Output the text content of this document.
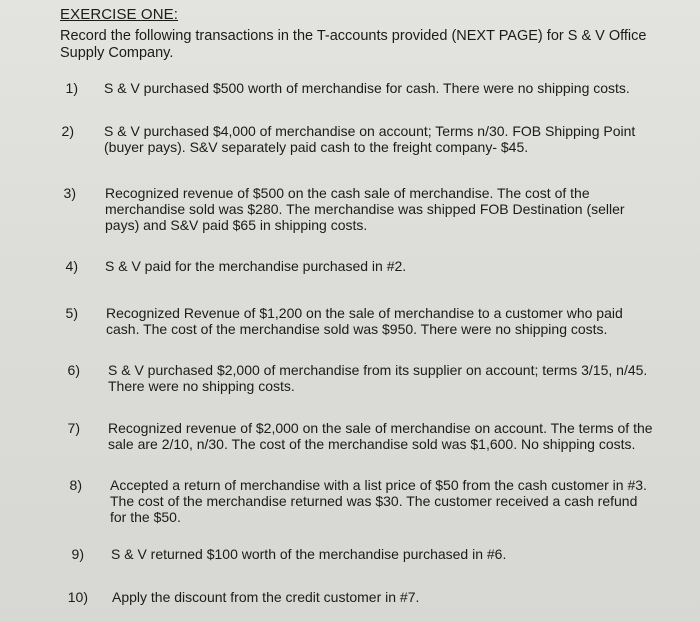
EXERCISE ONE:
Record the following transactions in the T-accounts provided (NEXT PAGE) for S & V Office Supply Company.
1) S & V purchased $500 worth of merchandise for cash. There were no shipping costs.
2) S & V purchased $4,000 of merchandise on account; Terms n/30. FOB Shipping Point (buyer pays). S&V separately paid cash to the freight company- $45.
3) Recognized revenue of $500 on the cash sale of merchandise. The cost of the merchandise sold was $280. The merchandise was shipped FOB Destination (seller pays) and S&V paid $65 in shipping costs.
4) S & V paid for the merchandise purchased in #2.
5) Recognized Revenue of $1,200 on the sale of merchandise to a customer who paid cash. The cost of the merchandise sold was $950. There were no shipping costs.
6) S & V purchased $2,000 of merchandise from its supplier on account; terms 3/15, n/45. There were no shipping costs.
7) Recognized revenue of $2,000 on the sale of merchandise on account. The terms of the sale are 2/10, n/30. The cost of the merchandise sold was $1,600. No shipping costs.
8) Accepted a return of merchandise with a list price of $50 from the cash customer in #3. The cost of the merchandise returned was $30. The customer received a cash refund for the $50.
9) S & V returned $100 worth of the merchandise purchased in #6.
10) Apply the discount from the credit customer in #7.
